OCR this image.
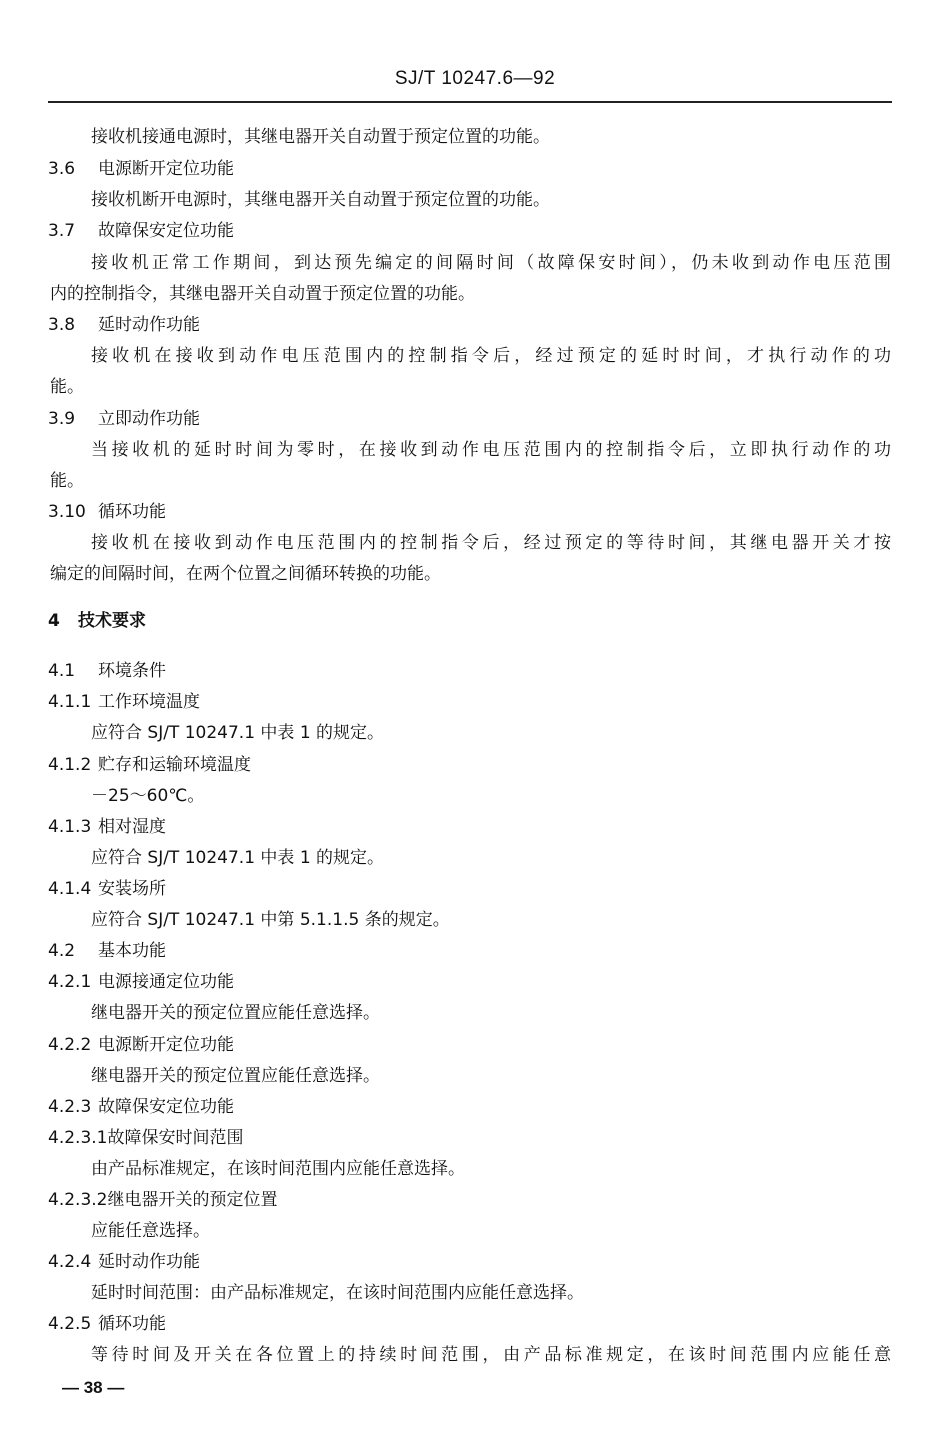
SJ/T 10247.6—92
接收机接通电源时，其继电器开关自动置于预定位置的功能。
3.6 电源断开定位功能
接收机断开电源时，其继电器开关自动置于预定位置的功能。
3.7 故障保安定位功能
接收机正常工作期间，到达预先编定的间隔时间（故障保安时间），仍未收到动作电压范围
内的控制指令，其继电器开关自动置于预定位置的功能。
3.8 延时动作功能
接收机在接收到动作电压范围内的控制指令后，经过预定的延时时间，才执行动作的功
能。
3.9 立即动作功能
当接收机的延时时间为零时，在接收到动作电压范围内的控制指令后，立即执行动作的功
能。
3.10 循环功能
接收机在接收到动作电压范围内的控制指令后，经过预定的等待时间，其继电器开关才按
编定的间隔时间，在两个位置之间循环转换的功能。
4 技术要求
4.1 环境条件
4.1.1 工作环境温度
应符合 SJ/T 10247.1 中表 1 的规定。
4.1.2 贮存和运输环境温度
－25～60℃。
4.1.3 相对湿度
应符合 SJ/T 10247.1 中表 1 的规定。
4.1.4 安装场所
应符合 SJ/T 10247.1 中第 5.1.1.5 条的规定。
4.2 基本功能
4.2.1 电源接通定位功能
继电器开关的预定位置应能任意选择。
4.2.2 电源断开定位功能
继电器开关的预定位置应能任意选择。
4.2.3 故障保安定位功能
4.2.3.1故障保安时间范围
由产品标准规定，在该时间范围内应能任意选择。
4.2.3.2继电器开关的预定位置
应能任意选择。
4.2.4 延时动作功能
延时时间范围：由产品标准规定，在该时间范围内应能任意选择。
4.2.5 循环功能
等待时间及开关在各位置上的持续时间范围，由产品标准规定，在该时间范围内应能任意
— 38 —
